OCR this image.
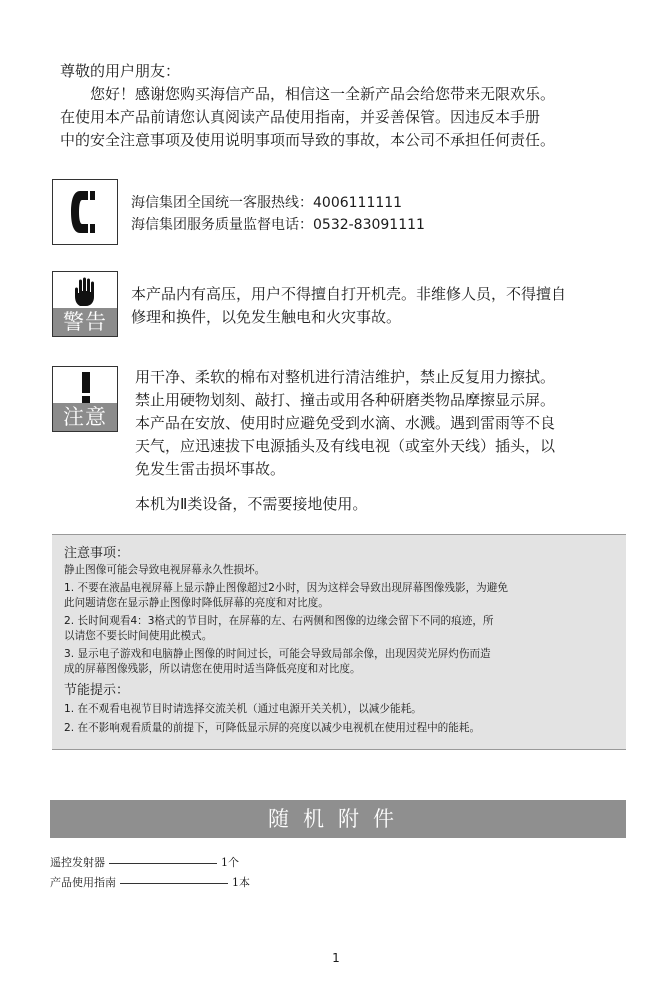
尊敬的用户朋友：

您好！感谢您购买海信产品，相信这一全新产品会给您带来无限欢乐。

在使用本产品前请您认真阅读产品使用指南，并妥善保管。因违反本手册

中的安全注意事项及使用说明事项而导致的事故，本公司不承担任何责任。

海信集团全国统一客服热线：4006111111
海信集团服务质量监督电话：0532-83091111
警告
本产品内有高压，用户不得擅自打开机壳。非维修人员，不得擅自
修理和换件，以免发生触电和火灾事故。
注意
用干净、柔软的棉布对整机进行清洁维护，禁止反复用力擦拭。
禁止用硬物划刻、敲打、撞击或用各种研磨类物品摩擦显示屏。
本产品在安放、使用时应避免受到水滴、水溅。遇到雷雨等不良
天气，应迅速拔下电源插头及有线电视（或室外天线）插头，以
免发生雷击损坏事故。
本机为Ⅱ类设备，不需要接地使用。

注意事项：

静止图像可能会导致电视屏幕永久性损坏。

1. 不要在液晶电视屏幕上显示静止图像超过2小时，因为这样会导致出现屏幕图像残影，为避免

此问题请您在显示静止图像时降低屏幕的亮度和对比度。

2. 长时间观看4：3格式的节目时，在屏幕的左、右两侧和图像的边缘会留下不同的痕迹，所

以请您不要长时间使用此模式。

3. 显示电子游戏和电脑静止图像的时间过长，可能会导致局部余像，出现因荧光屏灼伤而造

成的屏幕图像残影，所以请您在使用时适当降低亮度和对比度。

节能提示：

1. 在不观看电视节目时请选择交流关机（通过电源开关关机），以减少能耗。

2. 在不影响观看质量的前提下，可降低显示屏的亮度以减少电视机在使用过程中的能耗。

随机附件
遥控发射器	1个
产品使用指南	1本
1
